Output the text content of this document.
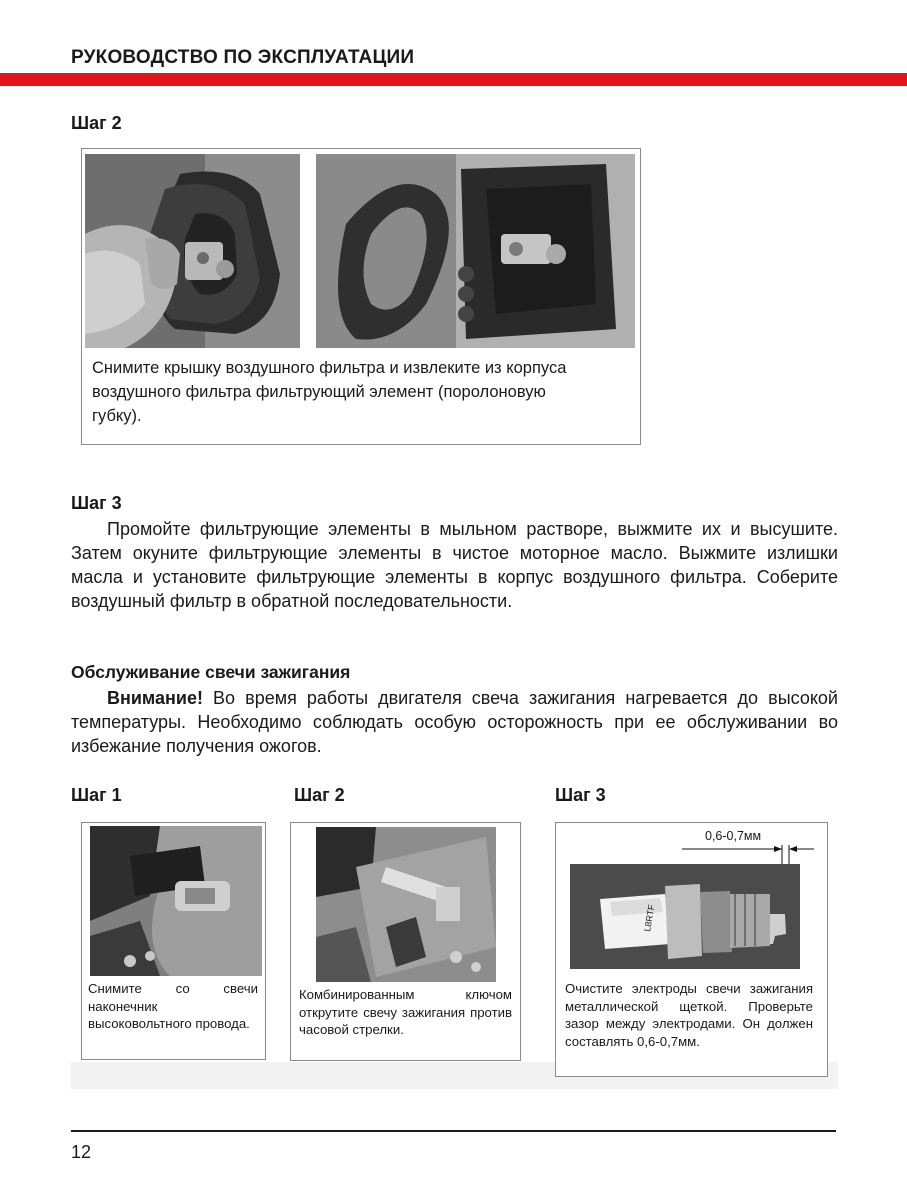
РУКОВОДСТВО ПО ЭКСПЛУАТАЦИИ
Шаг 2
Снимите крышку воздушного фильтра и извлеките из корпуса
воздушного фильтра фильтрующий элемент (поролоновую
губку).
Шаг 3

Промойте фильтрующие элементы в мыльном растворе, выжмите их и высушите. Затем окуните фильтрующие элементы в чистое моторное масло. Выжмите излишки масла и установите фильтрующие элементы в корпус воздушного фильтра. Соберите воздушный фильтр в обратной последовательности.

Обслуживание свечи зажигания

Внимание! Во время работы двигателя свеча зажигания нагревается до высокой температуры. Необходимо соблюдать особую осторожность при ее обслуживании во избежание получения ожогов.

Шаг 1	Шаг 2	Шаг 3
Снимите со свечи наконечник высоковольтного провода.
Комбинированным ключом открутите свечу зажигания против часовой стрелки.
0,6-0,7мм
L8RTF
Очистите электроды свечи зажигания металлической щеткой. Проверьте зазор между электродами. Он должен составлять 0,6-0,7мм.
12
